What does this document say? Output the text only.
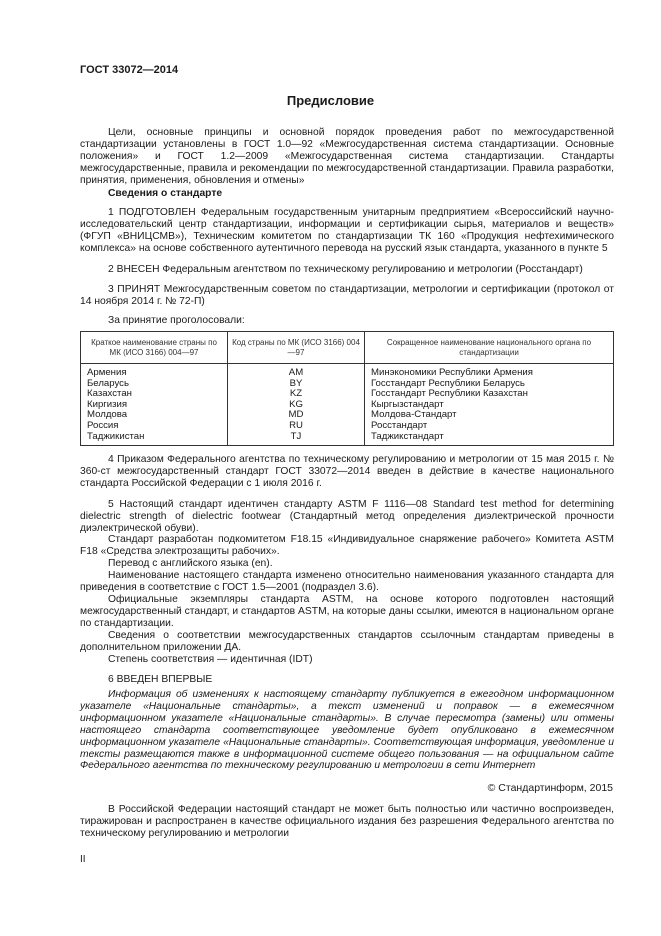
ГОСТ 33072—2014
Предисловие

Цели, основные принципы и основной порядок проведения работ по межгосударственной стандартизации установлены в ГОСТ 1.0—92 «Межгосударственная система стандартизации. Основные положения» и ГОСТ 1.2—2009 «Межгосударственная система стандартизации. Стандарты межгосударственные, правила и рекомендации по межгосударственной стандартизации. Правила разработки, принятия, применения, обновления и отмены»

Сведения о стандарте

1 ПОДГОТОВЛЕН Федеральным государственным унитарным предприятием «Всероссийский научно-исследовательский центр стандартизации, информации и сертификации сырья, материалов и веществ» (ФГУП «ВНИЦСМВ»), Техническим комитетом по стандартизации ТК 160 «Продукция нефтехимического комплекса» на основе собственного аутентичного перевода на русский язык стандарта, указанного в пункте 5

2 ВНЕСЕН Федеральным агентством по техническому регулированию и метрологии (Росстандарт)

3 ПРИНЯТ Межгосударственным советом по стандартизации, метрологии и сертификации (протокол от 14 ноября 2014 г. № 72-П)

За принятие проголосовали:

Краткое наименование страны по МК (ИСО 3166) 004—97	Код страны по МК (ИСО 3166) 004—97	Сокращенное наименование национального органа по стандартизации
Армения	AM	Минэкономики Республики Армения
Беларусь	BY	Госстандарт Республики Беларусь
Казахстан	KZ	Госстандарт Республики Казахстан
Киргизия	KG	Кыргызстандарт
Молдова	MD	Молдова-Стандарт
Россия	RU	Росстандарт
Таджикистан	TJ	Таджикстандарт

4 Приказом Федерального агентства по техническому регулированию и метрологии от 15 мая 2015 г. № 360-ст межгосударственный стандарт ГОСТ 33072—2014 введен в действие в качестве национального стандарта Российской Федерации с 1 июля 2016 г.

5 Настоящий стандарт идентичен стандарту ASTM F 1116—08 Standard test method for determining dielectric strength of dielectric footwear (Стандартный метод определения диэлектрической прочности диэлектрической обуви).

Стандарт разработан подкомитетом F18.15 «Индивидуальное снаряжение рабочего» Комитета ASTM F18 «Средства электрозащиты рабочих».

Перевод с английского языка (en).

Наименование настоящего стандарта изменено относительно наименования указанного стандарта для приведения в соответствие с ГОСТ 1.5—2001 (подраздел 3.6).

Официальные экземпляры стандарта ASTM, на основе которого подготовлен настоящий межгосударственный стандарт, и стандартов ASTM, на которые даны ссылки, имеются в национальном органе по стандартизации.

Сведения о соответствии межгосударственных стандартов ссылочным стандартам приведены в дополнительном приложении ДА.

Степень соответствия — идентичная (IDT)

6 ВВЕДЕН ВПЕРВЫЕ

Информация об изменениях к настоящему стандарту публикуется в ежегодном информационном указателе «Национальные стандарты», а текст изменений и поправок — в ежемесячном информационном указателе «Национальные стандарты». В случае пересмотра (замены) или отмены настоящего стандарта соответствующее уведомление будет опубликовано в ежемесячном информационном указателе «Национальные стандарты». Соответствующая информация, уведомление и тексты размещаются также в информационной системе общего пользования — на официальном сайте Федерального агентства по техническому регулированию и метрологии в сети Интернет

© Стандартинформ, 2015

В Российской Федерации настоящий стандарт не может быть полностью или частично воспроизведен, тиражирован и распространен в качестве официального издания без разрешения Федерального агентства по техническому регулированию и метрологии

II
